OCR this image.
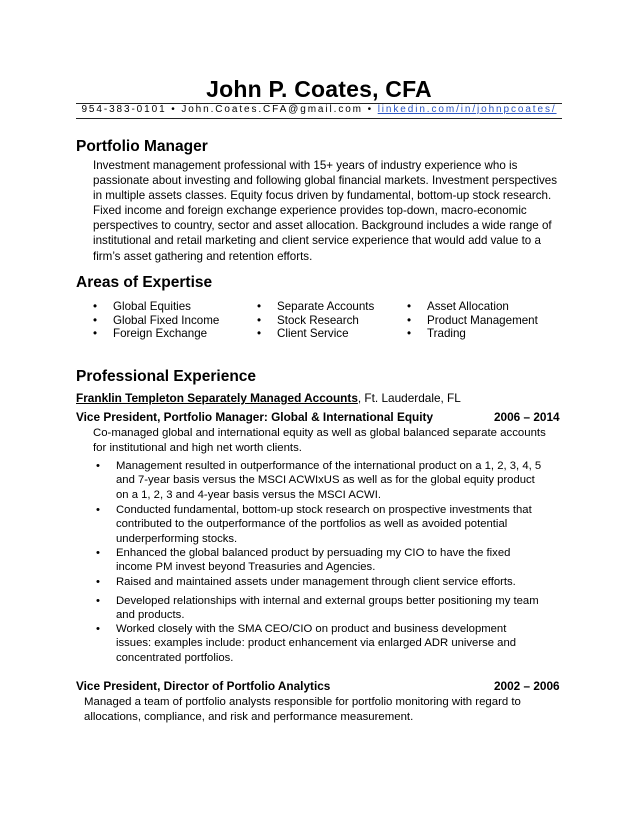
John P. Coates, CFA
954-383-0101 • John.Coates.CFA@gmail.com • linkedin.com/in/johnpcoates/
Portfolio Manager
Investment management professional with 15+ years of industry experience who is
passionate about investing and following global financial markets. Investment perspectives
in multiple assets classes. Equity focus driven by fundamental, bottom-up stock research.
Fixed income and foreign exchange experience provides top-down, macro-economic
perspectives to country, sector and asset allocation. Background includes a wide range of
institutional and retail marketing and client service experience that would add value to a
firm’s asset gathering and retention efforts.
Areas of Expertise
• Global Equities
• Global Fixed Income
• Foreign Exchange
• Separate Accounts
• Stock Research
• Client Service
• Asset Allocation
• Product Management
• Trading
Professional Experience
Franklin Templeton Separately Managed Accounts, Ft. Lauderdale, FL
Vice President, Portfolio Manager: Global & International Equity	2006 – 2014
Co-managed global and international equity as well as global balanced separate accounts
for institutional and high net worth clients.
• Management resulted in outperformance of the international product on a 1, 2, 3, 4, 5
and 7-year basis versus the MSCI ACWIxUS as well as for the global equity product
on a 1, 2, 3 and 4-year basis versus the MSCI ACWI.
• Conducted fundamental, bottom-up stock research on prospective investments that
contributed to the outperformance of the portfolios as well as avoided potential
underperforming stocks.
• Enhanced the global balanced product by persuading my CIO to have the fixed
income PM invest beyond Treasuries and Agencies.
• Raised and maintained assets under management through client service efforts.
• Developed relationships with internal and external groups better positioning my team
and products.
• Worked closely with the SMA CEO/CIO on product and business development
issues: examples include: product enhancement via enlarged ADR universe and
concentrated portfolios.
Vice President, Director of Portfolio Analytics	2002 – 2006
Managed a team of portfolio analysts responsible for portfolio monitoring with regard to
allocations, compliance, and risk and performance measurement.
